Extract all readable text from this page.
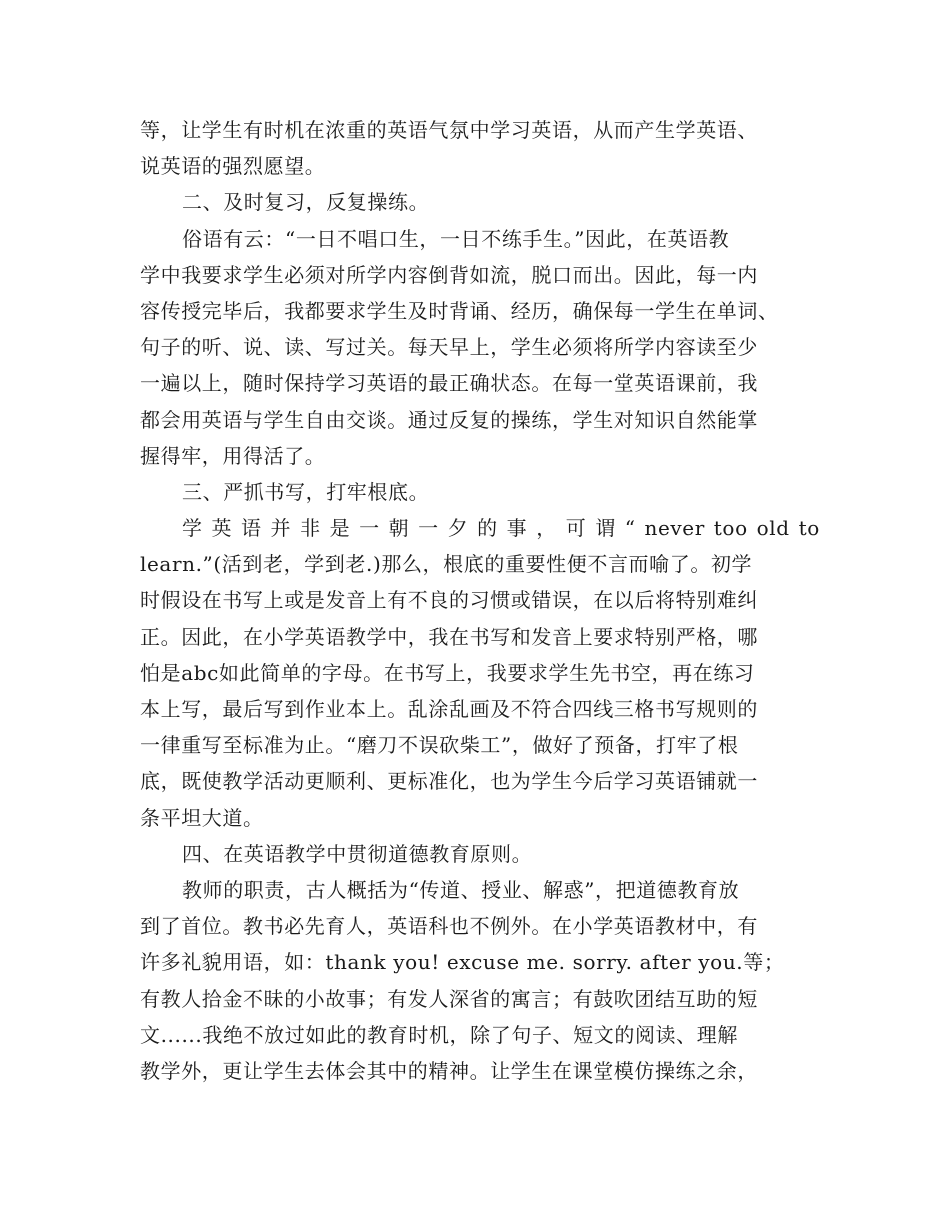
等，让学生有时机在浓重的英语气氛中学习英语，从而产生学英语、
说英语的强烈愿望。
二、及时复习，反复操练。
俗语有云：“一日不唱口生，一日不练手生。”因此，在英语教
学中我要求学生必须对所学内容倒背如流，脱口而出。因此，每一内
容传授完毕后，我都要求学生及时背诵、经历，确保每一学生在单词、
句子的听、说、读、写过关。每天早上，学生必须将所学内容读至少
一遍以上，随时保持学习英语的最正确状态。在每一堂英语课前，我
都会用英语与学生自由交谈。通过反复的操练，学生对知识自然能掌
握得牢，用得活了。
三、严抓书写，打牢根底。
学 英 语 并 非 是 一 朝 一 夕 的 事 ， 可 谓 “ never too old to
learn.”(活到老，学到老.)那么，根底的重要性便不言而喻了。初学
时假设在书写上或是发音上有不良的习惯或错误，在以后将特别难纠
正。因此，在小学英语教学中，我在书写和发音上要求特别严格，哪
怕是abc如此简单的字母。在书写上，我要求学生先书空，再在练习
本上写，最后写到作业本上。乱涂乱画及不符合四线三格书写规则的
一律重写至标准为止。“磨刀不误砍柴工”，做好了预备，打牢了根
底，既使教学活动更顺利、更标准化，也为学生今后学习英语铺就一
条平坦大道。
四、在英语教学中贯彻道德教育原则。
教师的职责，古人概括为“传道、授业、解惑”，把道德教育放
到了首位。教书必先育人，英语科也不例外。在小学英语教材中，有
许多礼貌用语，如：thank you! excuse me. sorry. after you.等；
有教人拾金不昧的小故事；有发人深省的寓言；有鼓吹团结互助的短
文......我绝不放过如此的教育时机，除了句子、短文的阅读、理解
教学外，更让学生去体会其中的精神。让学生在课堂模仿操练之余，
